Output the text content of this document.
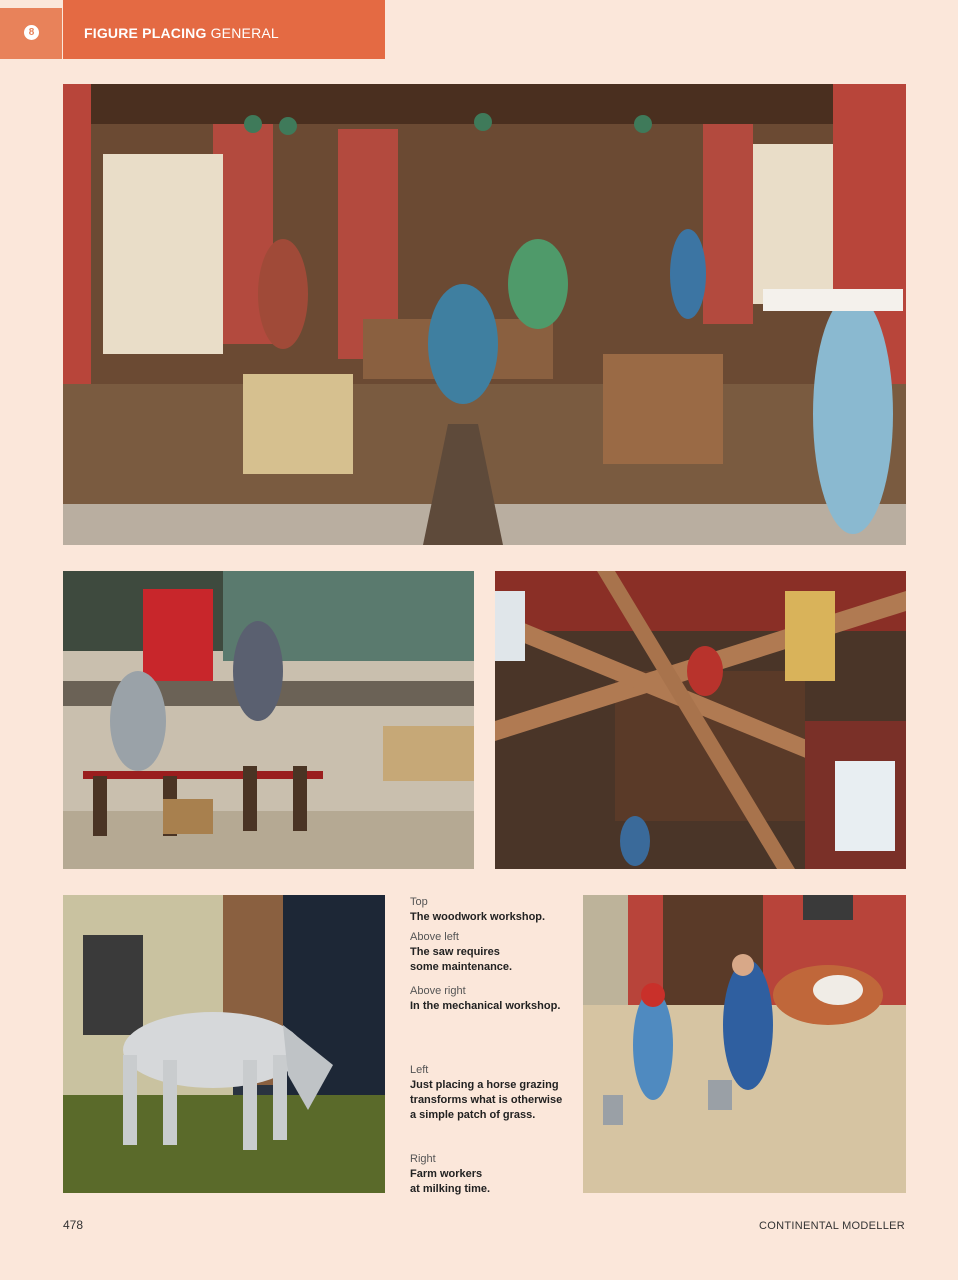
8	FIGURE PLACING GENERAL
Top
The woodwork workshop.
Above left
The saw requires
some maintenance.
Above right
In the mechanical workshop.
Left
Just placing a horse grazing
transforms what is otherwise
a simple patch of grass.
Right
Farm workers
at milking time.
478	CONTINENTAL MODELLER
